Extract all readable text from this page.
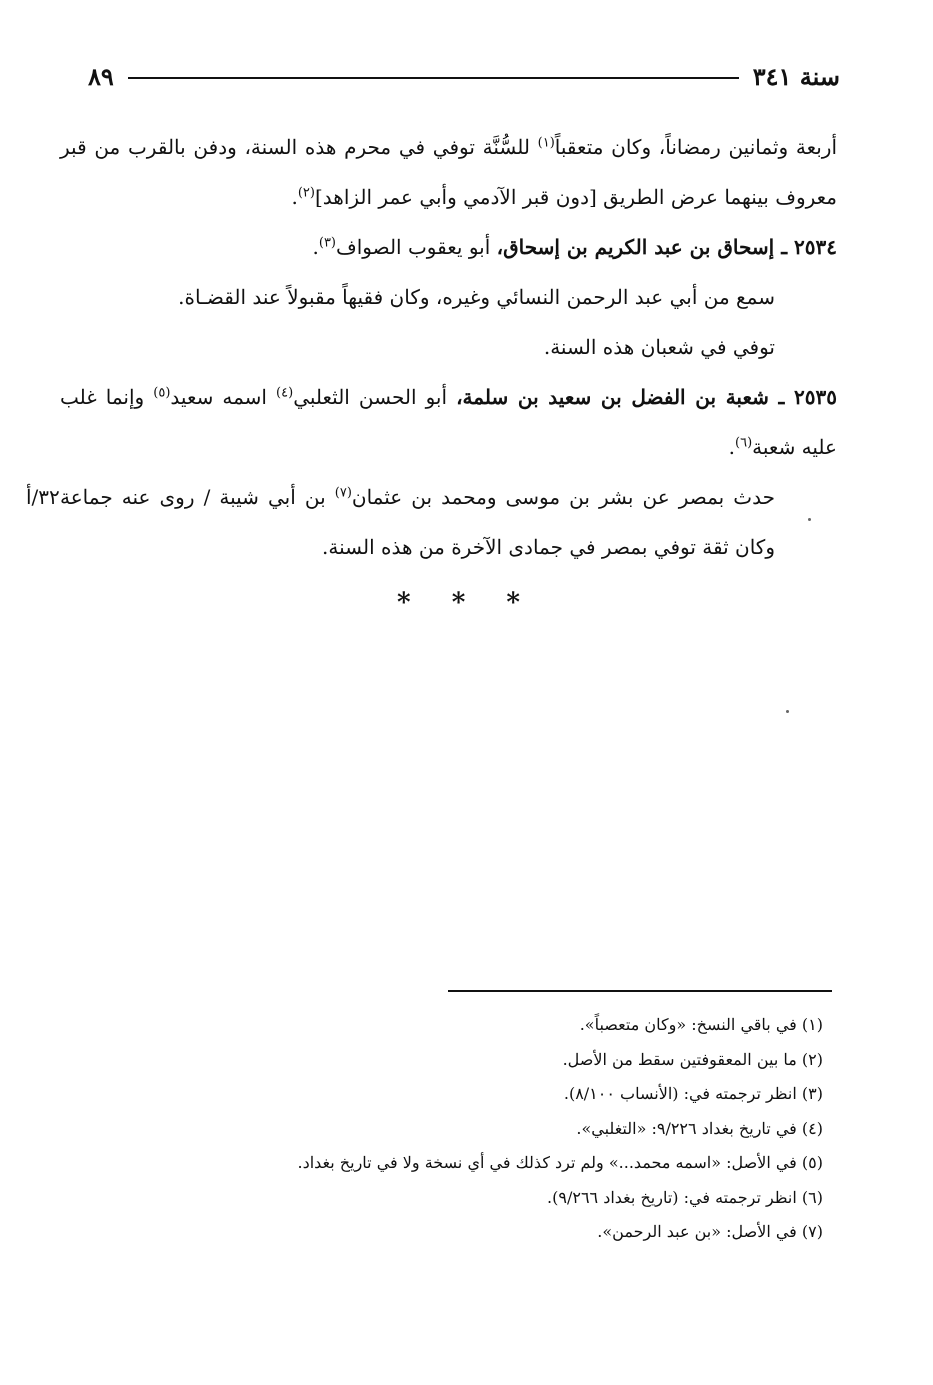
سنة ٣٤١
٨٩

أربعة وثمانين رمضاناً، وكان متعقباً$^{(١)}$ للسُّنَّة توفي في محرم هذه السنة، ودفن بالقرب من قبر معروف بينهما عرض الطريق [دون قبر الآدمي وأبي عمر الزاهد]$^{(٢)}$.

٢٥٣٤ ـ إسحاق بن عبد الكريم بن إسحاق، أبو يعقوب الصواف$^{(٣)}$.

سمع من أبي عبد الرحمن النسائي وغيره، وكان فقيهاً مقبولاً عند القضـاة.

توفي في شعبان هذه السنة.

٢٥٣٥ ـ شعبة بن الفضل بن سعيد بن سلمة، أبو الحسن الثعلبي$^{(٤)}$ اسمه سعيد$^{(٥)}$ وإنما غلب عليه شعبة$^{(٦)}$.

٣٢/أ	حدث بمصر عن بشر بن موسى ومحمد بن عثمان$^{(٧)}$ بن أبي شيبة / روى عنه جماعة وكان ثقة توفي بمصر في جمادى الآخرة من هذه السنة.

* * *
(١) في باقي النسخ: «وكان متعصباً».
(٢) ما بين المعقوفتين سقط من الأصل.
(٣) انظر ترجمته في: (الأنساب ٨/١٠٠).
(٤) في تاريخ بغداد ٩/٢٢٦: «التغلبي».
(٥) في الأصل: «اسمه محمد...» ولم ترد كذلك في أي نسخة ولا في تاريخ بغداد.
(٦) انظر ترجمته في: (تاريخ بغداد ٩/٢٦٦).
(٧) في الأصل: «بن عبد الرحمن».
